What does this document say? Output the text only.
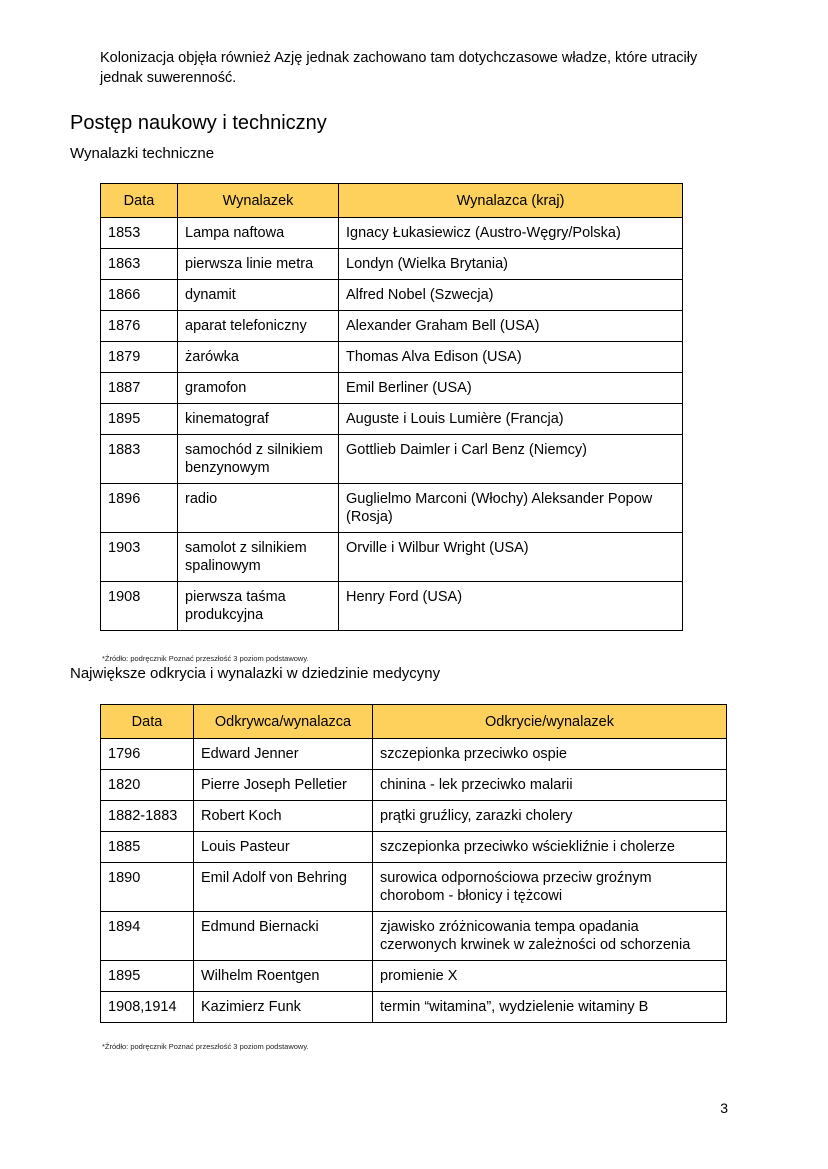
Kolonizacja objęła również Azję jednak zachowano tam dotychczasowe władze, które utraciły jednak suwerenność.

Postęp naukowy i techniczny
Wynalazki techniczne
Data	Wynalazek	Wynalazca (kraj)
1853	Lampa naftowa	Ignacy Łukasiewicz (Austro-Węgry/Polska)
1863	pierwsza linie metra	Londyn (Wielka Brytania)
1866	dynamit	Alfred Nobel (Szwecja)
1876	aparat telefoniczny	Alexander Graham Bell (USA)
1879	żarówka	Thomas Alva Edison (USA)
1887	gramofon	Emil Berliner (USA)
1895	kinematograf	Auguste i Louis Lumière (Francja)
1883	samochód z silnikiem benzynowym	Gottlieb Daimler i Carl Benz (Niemcy)
1896	radio	Guglielmo Marconi (Włochy) Aleksander Popow (Rosja)
1903	samolot z silnikiem spalinowym	Orville i Wilbur Wright (USA)
1908	pierwsza taśma produkcyjna	Henry Ford (USA)

*Źródło: podręcznik Poznać przeszłość 3 poziom podstawowy.

Największe odkrycia i wynalazki w dziedzinie medycyny
Data	Odkrywca/wynalazca	Odkrycie/wynalazek
1796	Edward Jenner	szczepionka przeciwko ospie
1820	Pierre Joseph Pelletier	chinina - lek przeciwko malarii
1882-1883	Robert Koch	prątki gruźlicy, zarazki cholery
1885	Louis Pasteur	szczepionka przeciwko wściekliźnie i cholerze
1890	Emil Adolf von Behring	surowica odpornościowa przeciw groźnym chorobom - błonicy i tężcowi
1894	Edmund Biernacki	zjawisko zróżnicowania tempa opadania czerwonych krwinek w zależności od schorzenia
1895	Wilhelm Roentgen	promienie X
1908,1914	Kazimierz Funk	termin “witamina”, wydzielenie witaminy B

*Źródło: podręcznik Poznać przeszłość 3 poziom podstawowy.

3
